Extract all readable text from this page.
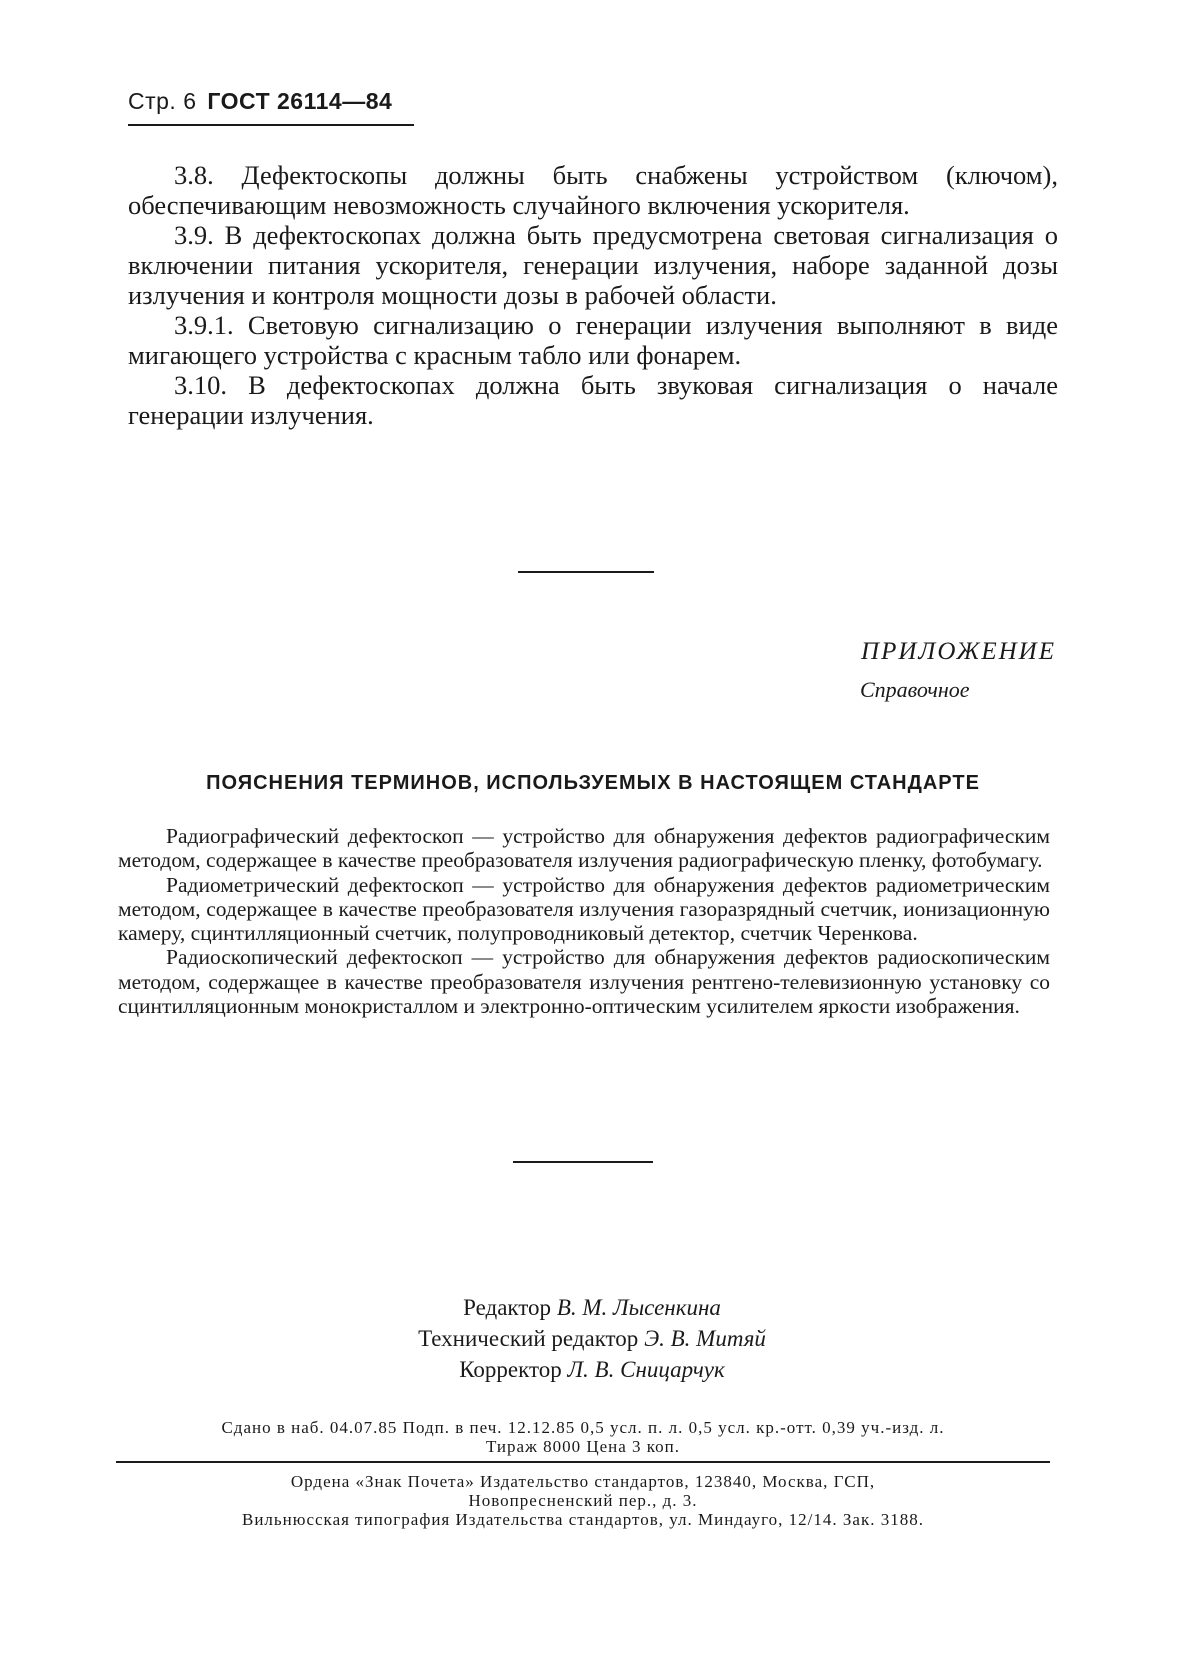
Стр. 6 ГОСТ 26114—84

3.8. Дефектоскопы должны быть снабжены устройством (ключом), обеспечивающим невозможность случайного включения ускорителя.

3.9. В дефектоскопах должна быть предусмотрена световая сигнализация о включении питания ускорителя, генерации излучения, наборе заданной дозы излучения и контроля мощности дозы в рабочей области.

3.9.1. Световую сигнализацию о генерации излучения выполняют в виде мигающего устройства с красным табло или фонарем.

3.10. В дефектоскопах должна быть звуковая сигнализация о начале генерации излучения.

ПРИЛОЖЕНИЕ
Справочное
ПОЯСНЕНИЯ ТЕРМИНОВ, ИСПОЛЬЗУЕМЫХ В НАСТОЯЩЕМ СТАНДАРТЕ

Радиографический дефектоскоп — устройство для обнаружения дефектов радиографическим методом, содержащее в качестве преобразователя излучения радиографическую пленку, фотобумагу.

Радиометрический дефектоскоп — устройство для обнаружения дефектов радиометрическим методом, содержащее в качестве преобразователя излучения газоразрядный счетчик, ионизационную камеру, сцинтилляционный счетчик, полупроводниковый детектор, счетчик Черенкова.

Радиоскопический дефектоскоп — устройство для обнаружения дефектов радиоскопическим методом, содержащее в качестве преобразователя излучения рентгено-телевизионную установку со сцинтилляционным монокристаллом и электронно-оптическим усилителем яркости изображения.

Редактор В. М. Лысенкина
Технический редактор Э. В. Митяй
Корректор Л. В. Сницарчук
Сдано в наб. 04.07.85 Подп. в печ. 12.12.85 0,5 усл. п. л. 0,5 усл. кр.-отт. 0,39 уч.-изд. л.
Тираж 8000 Цена 3 коп.
Ордена «Знак Почета» Издательство стандартов, 123840, Москва, ГСП,
Новопресненский пер., д. 3.
Вильнюсская типография Издательства стандартов, ул. Миндауго, 12/14. Зак. 3188.
